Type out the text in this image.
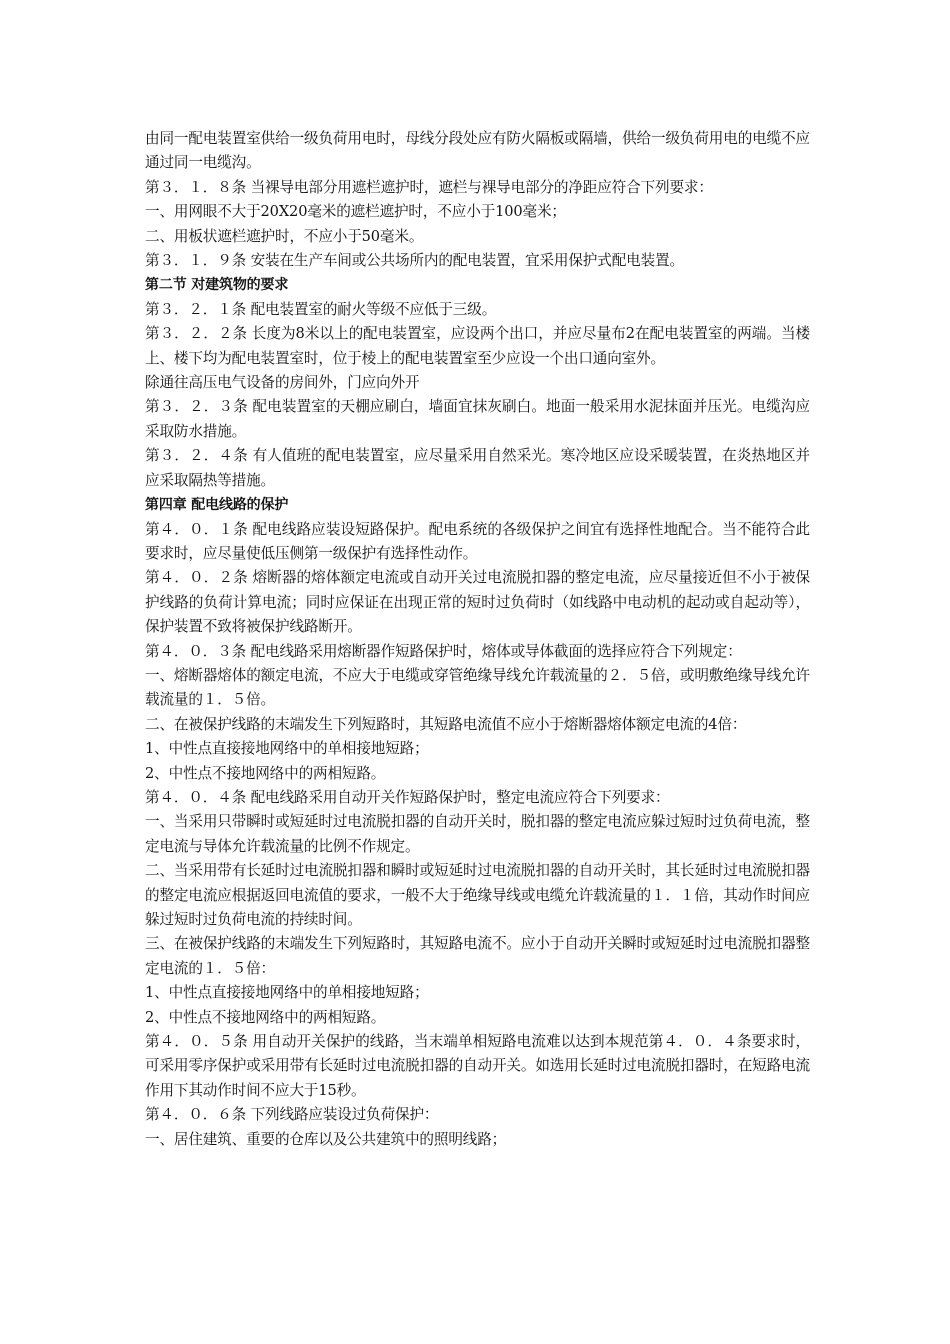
由同一配电装置室供给一级负荷用电时，母线分段处应有防火隔板或隔墙，供给一级负荷用电的电缆不应通过同一电缆沟。

第３．１．８条 当裸导电部分用遮栏遮护时，遮栏与裸导电部分的净距应符合下列要求：

一、用网眼不大于20X20毫米的遮栏遮护时，不应小于100毫米；

二、用板状遮栏遮护时，不应小于50毫米。

第３．１．９条 安装在生产车间或公共场所内的配电装置，宜采用保护式配电装置。

第二节 对建筑物的要求

第３．２．１条 配电装置室的耐火等级不应低于三级。

第３．２．２条 长度为8米以上的配电装置室，应设两个出口，并应尽量布2在配电装置室的两端。当楼上、楼下均为配电装置室时，位于棱上的配电装置室至少应设一个出口通向室外。

除通往高压电气设备的房间外，门应向外开

第３．２．３条 配电装置室的天棚应刷白，墙面宜抹灰刷白。地面一般采用水泥抹面并压光。电缆沟应采取防水措施。

第３．２．４条 有人值班的配电装置室，应尽量采用自然采光。寒冷地区应设采暖装置，在炎热地区并应采取隔热等措施。

第四章 配电线路的保护

第４．０．１条 配电线路应装设短路保护。配电系统的各级保护之间宜有选择性地配合。当不能符合此要求时，应尽量使低压侧第一级保护有选择性动作。

第４．０．２条 熔断器的熔体额定电流或自动开关过电流脱扣器的整定电流，应尽量接近但不小于被保护线路的负荷计算电流；同时应保证在出现正常的短时过负荷时（如线路中电动机的起动或自起动等），保护装置不致将被保护线路断开。

第４．０．３条 配电线路采用熔断器作短路保护时，熔体或导体截面的选择应符合下列规定：

一、熔断器熔体的额定电流，不应大于电缆或穿管绝缘导线允许载流量的２．５倍，或明敷绝缘导线允许载流量的１．５倍。

二、在被保护线路的末端发生下列短路时，其短路电流值不应小于熔断器熔体额定电流的4倍：

1、中性点直接接地网络中的单相接地短路；

2、中性点不接地网络中的两相短路。

第４．０．４条 配电线路采用自动开关作短路保护时，整定电流应符合下列要求：

一、当采用只带瞬时或短延时过电流脱扣器的自动开关时，脱扣器的整定电流应躲过短时过负荷电流，整定电流与导体允许载流量的比例不作规定。

二、当采用带有长延时过电流脱扣器和瞬时或短延时过电流脱扣器的自动开关时，其长延时过电流脱扣器的整定电流应根据返回电流值的要求，一般不大于绝缘导线或电缆允许载流量的１．１倍，其动作时间应躲过短时过负荷电流的持续时间。

三、在被保护线路的末端发生下列短路时，其短路电流不。应小于自动开关瞬时或短延时过电流脱扣器整定电流的１．５倍：

1、中性点直接接地网络中的单相接地短路；

2、中性点不接地网络中的两相短路。

第４．０．５条 用自动开关保护的线路，当末端单相短路电流难以达到本规范第４．０．４条要求时，可采用零序保护或采用带有长延时过电流脱扣器的自动开关。如选用长延时过电流脱扣器时，在短路电流作用下其动作时间不应大于15秒。

第４．０．６条 下列线路应装设过负荷保护：

一、居住建筑、重要的仓库以及公共建筑中的照明线路；
